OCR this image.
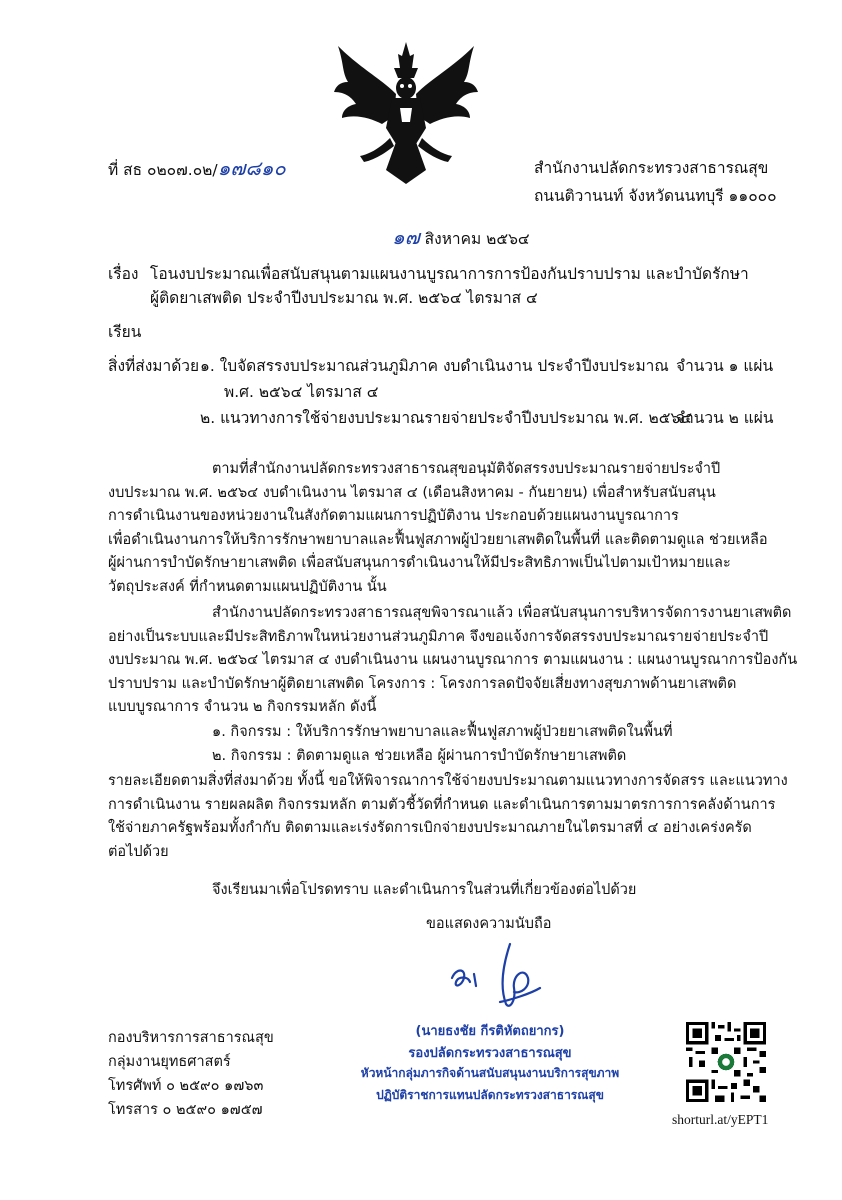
ที่ สธ ๐๒๐๗.๐๒/๑๗๘๑๐	สำนักงานปลัดกระทรวงสาธารณสุข
ถนนติวานนท์ จังหวัดนนทบุรี ๑๑๐๐๐
๑๗ สิงหาคม ๒๕๖๔
เรื่อง โอนงบประมาณเพื่อสนับสนุนตามแผนงานบูรณาการการป้องกันปราบปราม และบำบัดรักษา
ผู้ติดยาเสพติด ประจำปีงบประมาณ พ.ศ. ๒๕๖๔ ไตรมาส ๔
เรียน
สิ่งที่ส่งมาด้วย ๑. ใบจัดสรรงบประมาณส่วนภูมิภาค งบดำเนินงาน ประจำปีงบประมาณ จำนวน ๑ แผ่น
พ.ศ. ๒๕๖๔ ไตรมาส ๔
๒. แนวทางการใช้จ่ายงบประมาณรายจ่ายประจำปีงบประมาณ พ.ศ. ๒๕๖๔
จำนวน ๒ แผ่น
ตามที่สำนักงานปลัดกระทรวงสาธารณสุขอนุมัติจัดสรรงบประมาณรายจ่ายประจำปี
งบประมาณ พ.ศ. ๒๕๖๔ งบดำเนินงาน ไตรมาส ๔ (เดือนสิงหาคม - กันยายน) เพื่อสำหรับสนับสนุน
การดำเนินงานของหน่วยงานในสังกัดตามแผนการปฏิบัติงาน ประกอบด้วยแผนงานบูรณาการ
เพื่อดำเนินงานการให้บริการรักษาพยาบาลและฟื้นฟูสภาพผู้ป่วยยาเสพติดในพื้นที่ และติดตามดูแล ช่วยเหลือ
ผู้ผ่านการบำบัดรักษายาเสพติด เพื่อสนับสนุนการดำเนินงานให้มีประสิทธิภาพเป็นไปตามเป้าหมายและ
วัตถุประสงค์ ที่กำหนดตามแผนปฏิบัติงาน นั้น
สำนักงานปลัดกระทรวงสาธารณสุขพิจารณาแล้ว เพื่อสนับสนุนการบริหารจัดการงานยาเสพติด
อย่างเป็นระบบและมีประสิทธิภาพในหน่วยงานส่วนภูมิภาค จึงขอแจ้งการจัดสรรงบประมาณรายจ่ายประจำปี
งบประมาณ พ.ศ. ๒๕๖๔ ไตรมาส ๔ งบดำเนินงาน แผนงานบูรณาการ ตามแผนงาน : แผนงานบูรณาการป้องกัน
ปราบปราม และบำบัดรักษาผู้ติดยาเสพติด โครงการ : โครงการลดปัจจัยเสี่ยงทางสุขภาพด้านยาเสพติด
แบบบูรณาการ จำนวน ๒ กิจกรรมหลัก ดังนี้
๑. กิจกรรม : ให้บริการรักษาพยาบาลและฟื้นฟูสภาพผู้ป่วยยาเสพติดในพื้นที่
๒. กิจกรรม : ติดตามดูแล ช่วยเหลือ ผู้ผ่านการบำบัดรักษายาเสพติด
รายละเอียดตามสิ่งที่ส่งมาด้วย ทั้งนี้ ขอให้พิจารณาการใช้จ่ายงบประมาณตามแนวทางการจัดสรร และแนวทาง
การดำเนินงาน รายผลผลิต กิจกรรมหลัก ตามตัวชี้วัดที่กำหนด และดำเนินการตามมาตรการการคลังด้านการ
ใช้จ่ายภาครัฐพร้อมทั้งกำกับ ติดตามและเร่งรัดการเบิกจ่ายงบประมาณภายในไตรมาสที่ ๔ อย่างเคร่งครัด
ต่อไปด้วย
จึงเรียนมาเพื่อโปรดทราบ และดำเนินการในส่วนที่เกี่ยวข้องต่อไปด้วย
ขอแสดงความนับถือ
(นายธงชัย กีรติหัตถยากร)
รองปลัดกระทรวงสาธารณสุข
หัวหน้ากลุ่มภารกิจด้านสนับสนุนงานบริการสุขภาพ
ปฏิบัติราชการแทนปลัดกระทรวงสาธารณสุข
กองบริหารการสาธารณสุข
กลุ่มงานยุทธศาสตร์
โทรศัพท์ ๐ ๒๕๙๐ ๑๗๖๓
โทรสาร ๐ ๒๕๙๐ ๑๗๕๗
shorturl.at/yEPT1
